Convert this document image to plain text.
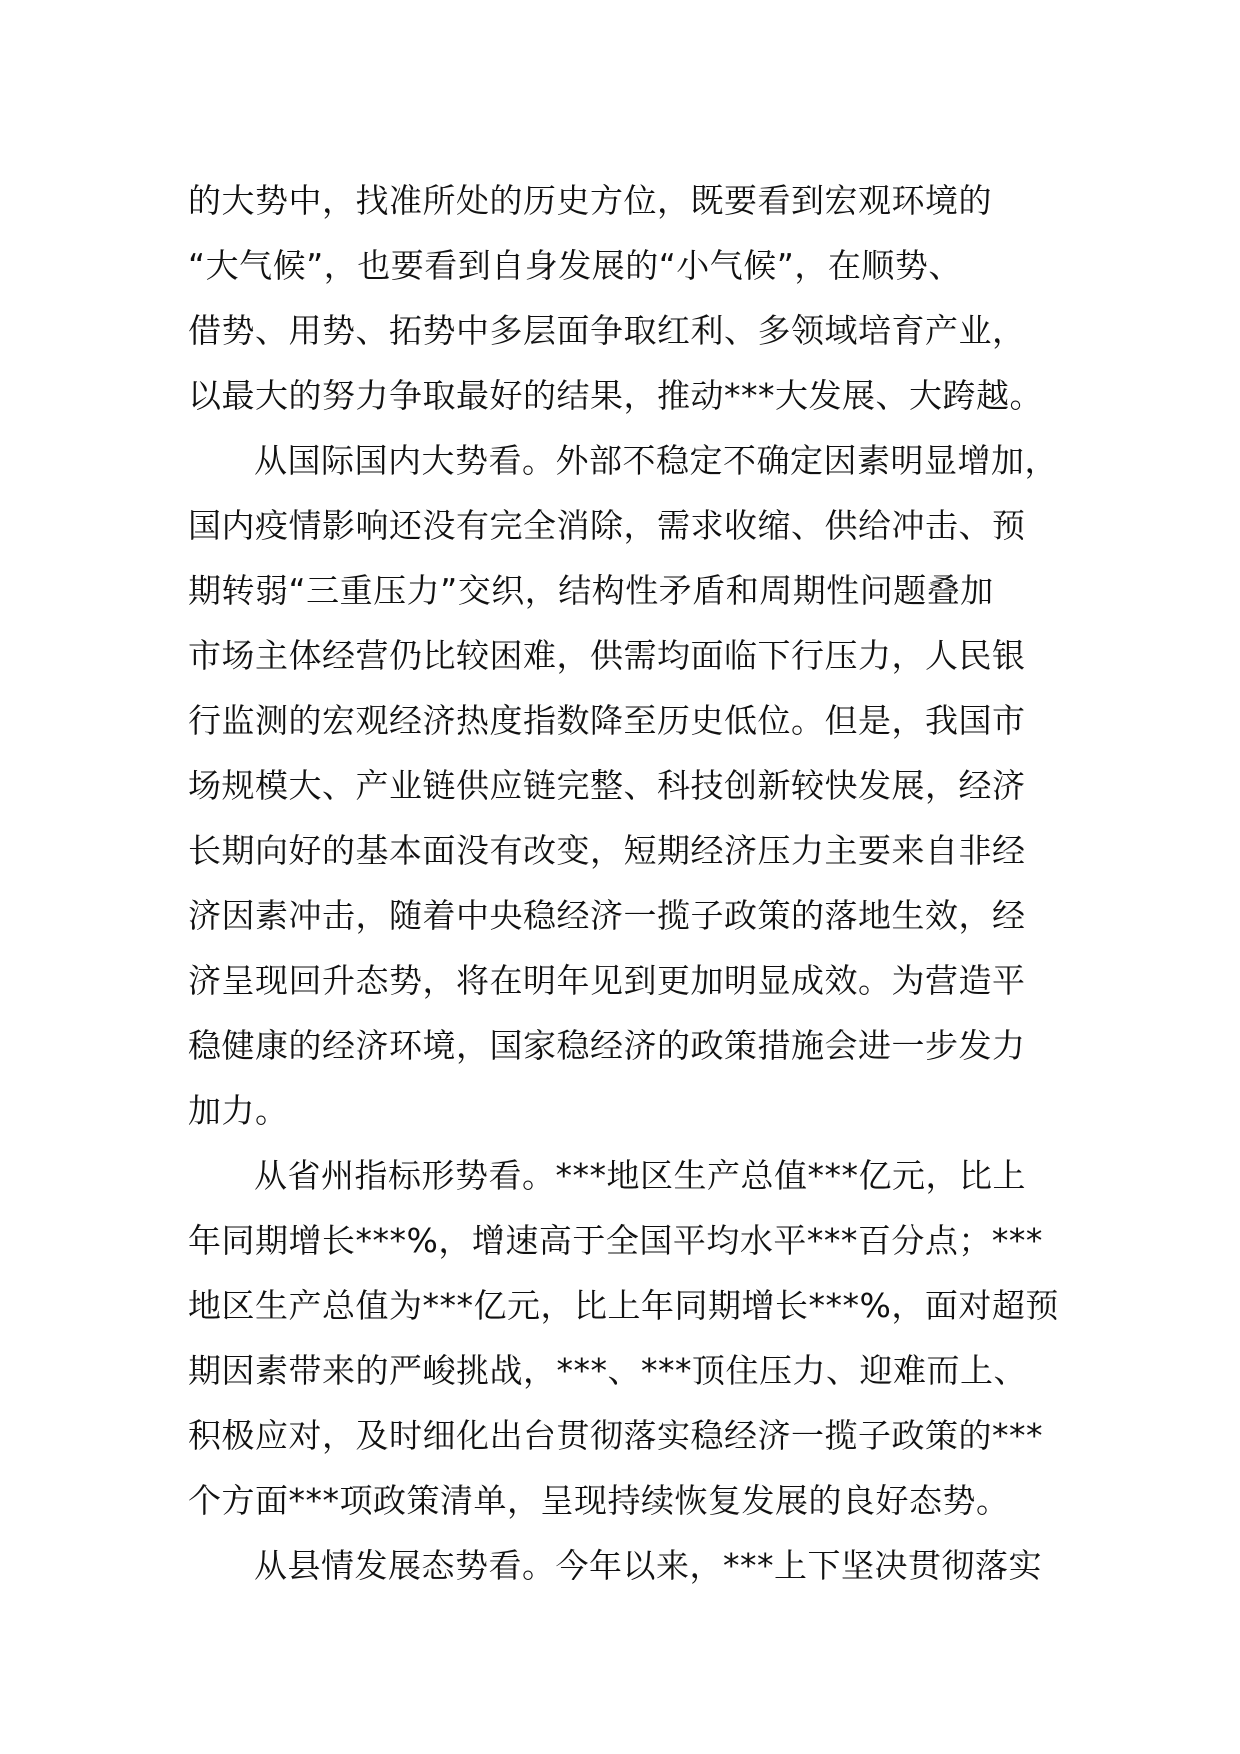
的大势中，找准所处的历史方位，既要看到宏观环境的
“大气候”，也要看到自身发展的“小气候”，在顺势、
借势、用势、拓势中多层面争取红利、多领域培育产业，
以最大的努力争取最好的结果，推动***大发展、大跨越。
从国际国内大势看。外部不稳定不确定因素明显增加，
国内疫情影响还没有完全消除，需求收缩、供给冲击、预
期转弱“三重压力”交织，结构性矛盾和周期性问题叠加
市场主体经营仍比较困难，供需均面临下行压力，人民银
行监测的宏观经济热度指数降至历史低位。但是，我国市
场规模大、产业链供应链完整、科技创新较快发展，经济
长期向好的基本面没有改变，短期经济压力主要来自非经
济因素冲击，随着中央稳经济一揽子政策的落地生效，经
济呈现回升态势，将在明年见到更加明显成效。为营造平
稳健康的经济环境，国家稳经济的政策措施会进一步发力
加力。
从省州指标形势看。***地区生产总值***亿元，比上
年同期增长***%，增速高于全国平均水平***百分点；***
地区生产总值为***亿元，比上年同期增长***%，面对超预
期因素带来的严峻挑战，***、***顶住压力、迎难而上、
积极应对，及时细化出台贯彻落实稳经济一揽子政策的***
个方面***项政策清单，呈现持续恢复发展的良好态势。
从县情发展态势看。今年以来，***上下坚决贯彻落实
